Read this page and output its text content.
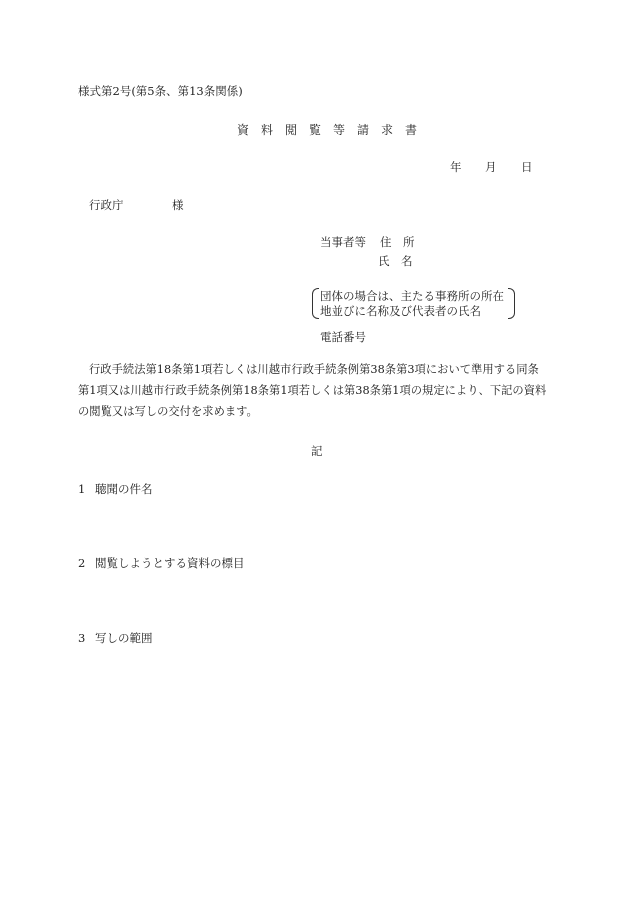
様式第2号(第5条、第13条関係)
資　料　閲　覧　等　請　求　書
年 月 日
行政庁	様
当事者等 住　所
氏　名
団体の場合は、主たる事務所の所在
地並びに名称及び代表者の氏名
電話番号
行政手続法第18条第1項若しくは川越市行政手続条例第38条第3項において準用する同条
第1項又は川越市行政手続条例第18条第1項若しくは第38条第1項の規定により、下記の資料
の閲覧又は写しの交付を求めます。
記
1 聴聞の件名
2 閲覧しようとする資料の標目
3 写しの範囲
